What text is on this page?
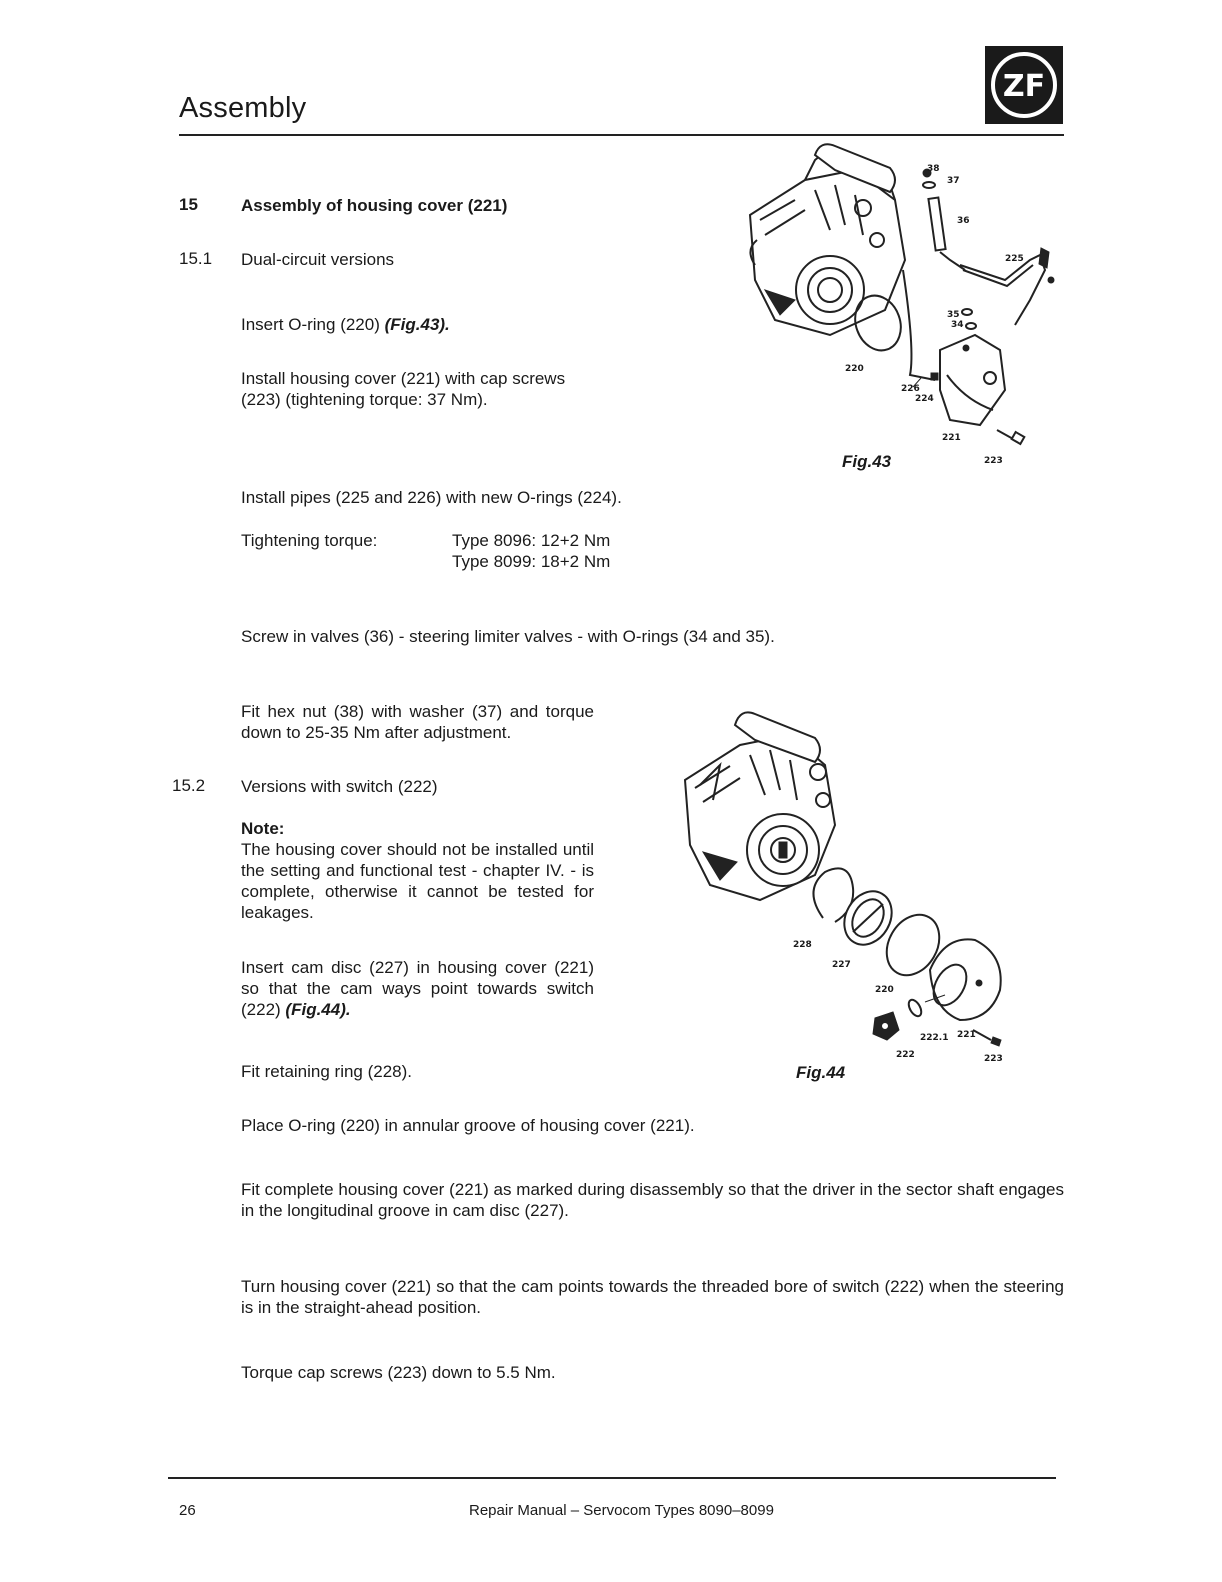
Assembly
ZF
15	Assembly of housing cover (221)
15.1 Dual-circuit versions
Insert O-ring (220) (Fig.43).
Install housing cover (221) with cap screws
(223) (tightening torque: 37 Nm).
Install pipes (225 and 226) with new O-rings (224).
Tightening torque:	Type 8096: 12+2 Nm
Type 8099: 18+2 Nm
Screw in valves (36) - steering limiter valves - with O-rings (34 and 35).
Fit hex nut (38) with washer (37) and torque down to 25-35 Nm after adjustment.
15.2 Versions with switch (222)
Note:
The housing cover should not be installed until the setting and functional test - chapter IV. - is complete, otherwise it cannot be tested for leakages.
Insert cam disc (227) in housing cover (221) so that the cam ways point towards switch (222) (Fig.44).
Fit retaining ring (228).
Place O-ring (220) in annular groove of housing cover (221).
Fit complete housing cover (221) as marked during disassembly so that the driver in the sector shaft engages in the longitudinal groove in cam disc (227).
Turn housing cover (221) so that the cam points towards the threaded bore of switch (222) when the steering is in the straight-ahead position.
Torque cap screws (223) down to 5.5 Nm.
38
37
36
225
35
34
220
226
224
221
223
Fig.43
228
227
220
222.1 221
222	223
Fig.44
26	Repair Manual – Servocom Types 8090–8099
